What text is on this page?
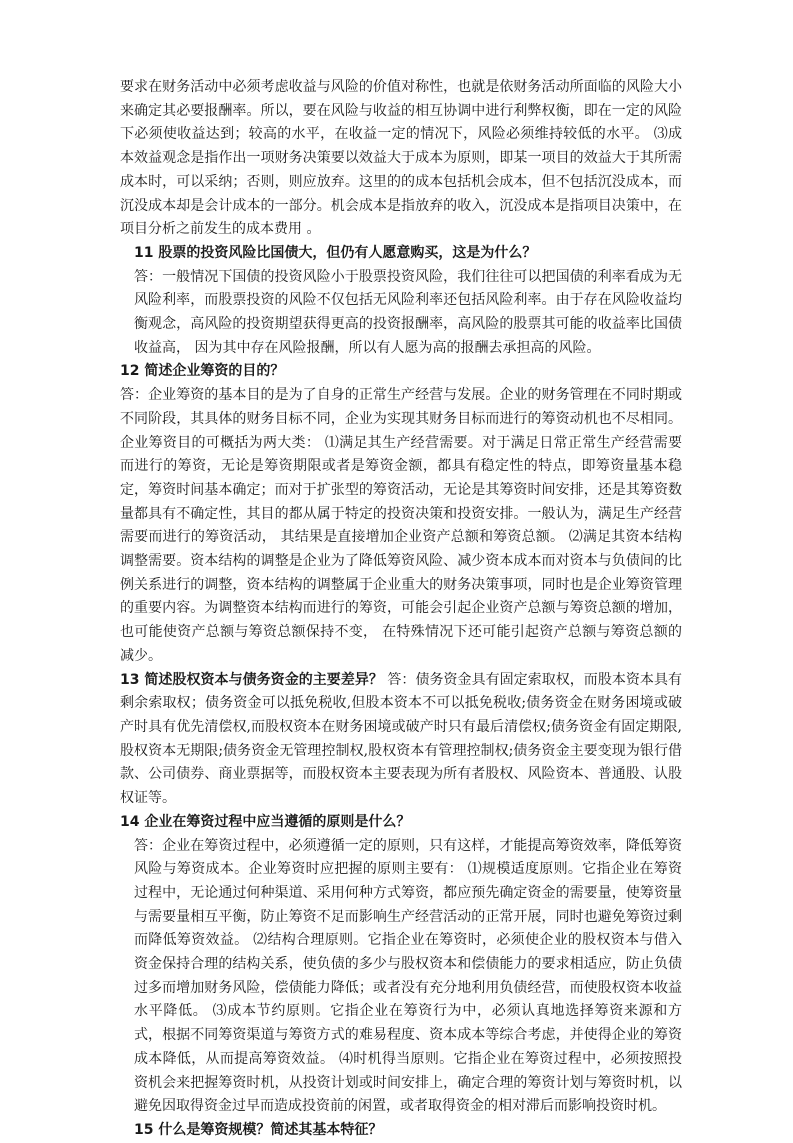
要求在财务活动中必须考虑收益与风险的价值对称性，也就是依财务活动所面临的风险大小来确定其必要报酬率。所以，要在风险与收益的相互协调中进行利弊权衡，即在一定的风险下必须使收益达到；较高的水平，在收益一定的情况下，风险必须维持较低的水平。 ⑶成本效益观念是指作出一项财务决策要以效益大于成本为原则，即某一项目的效益大于其所需成本时，可以采纳；否则，则应放弃。这里的的成本包括机会成本，但不包括沉没成本，而沉没成本却是会计成本的一部分。机会成本是指放弃的收入，沉没成本是指项目决策中，在项目分析之前发生的成本费用 。

11 股票的投资风险比国债大，但仍有人愿意购买，这是为什么？

答：一般情况下国债的投资风险小于股票投资风险，我们往往可以把国债的利率看成为无风险利率，而股票投资的风险不仅包括无风险利率还包括风险利率。由于存在风险收益均衡观念，高风险的投资期望获得更高的投资报酬率，高风险的股票其可能的收益率比国债收益高， 因为其中存在风险报酬，所以有人愿为高的报酬去承担高的风险。

12 简述企业筹资的目的？

答：企业筹资的基本目的是为了自身的正常生产经营与发展。企业的财务管理在不同时期或不同阶段，其具体的财务目标不同，企业为实现其财务目标而进行的筹资动机也不尽相同。企业筹资目的可概括为两大类： ⑴满足其生产经营需要。对于满足日常正常生产经营需要而进行的筹资，无论是筹资期限或者是筹资金额，都具有稳定性的特点，即筹资量基本稳定，筹资时间基本确定；而对于扩张型的筹资活动，无论是其筹资时间安排，还是其筹资数量都具有不确定性，其目的都从属于特定的投资决策和投资安排。一般认为，满足生产经营需要而进行的筹资活动， 其结果是直接增加企业资产总额和筹资总额。 ⑵满足其资本结构调整需要。资本结构的调整是企业为了降低筹资风险、减少资本成本而对资本与负债间的比例关系进行的调整，资本结构的调整属于企业重大的财务决策事项，同时也是企业筹资管理的重要内容。为调整资本结构而进行的筹资，可能会引起企业资产总额与筹资总额的增加，也可能使资产总额与筹资总额保持不变， 在特殊情况下还可能引起资产总额与筹资总额的减少。

13 简述股权资本与债务资金的主要差异？ 答：债务资金具有固定索取权，而股本资本具有剩余索取权；债务资金可以抵免税收,但股本资本不可以抵免税收;债务资金在财务困境或破产时具有优先清偿权,而股权资本在财务困境或破产时只有最后清偿权;债务资金有固定期限,股权资本无期限;债务资金无管理控制权,股权资本有管理控制权;债务资金主要变现为银行借款、公司债券、商业票据等，而股权资本主要表现为所有者股权、风险资本、普通股、认股权证等。

14 企业在筹资过程中应当遵循的原则是什么？

答：企业在筹资过程中，必须遵循一定的原则，只有这样，才能提高筹资效率，降低筹资风险与筹资成本。企业筹资时应把握的原则主要有： ⑴规模适度原则。它指企业在筹资过程中，无论通过何种渠道、采用何种方式筹资，都应预先确定资金的需要量，使筹资量与需要量相互平衡，防止筹资不足而影响生产经营活动的正常开展，同时也避免筹资过剩而降低筹资效益。 ⑵结构合理原则。它指企业在筹资时，必须使企业的股权资本与借入资金保持合理的结构关系，使负债的多少与股权资本和偿债能力的要求相适应，防止负债过多而增加财务风险，偿债能力降低；或者没有充分地利用负债经营，而使股权资本收益水平降低。 ⑶成本节约原则。它指企业在筹资行为中，必须认真地选择筹资来源和方式，根据不同筹资渠道与筹资方式的难易程度、资本成本等综合考虑，并使得企业的筹资成本降低，从而提高筹资效益。 ⑷时机得当原则。它指企业在筹资过程中，必须按照投资机会来把握筹资时机，从投资计划或时间安排上，确定合理的筹资计划与筹资时机，以避免因取得资金过早而造成投资前的闲置，或者取得资金的相对滞后而影响投资时机。

15 什么是筹资规模？简述其基本特征？
